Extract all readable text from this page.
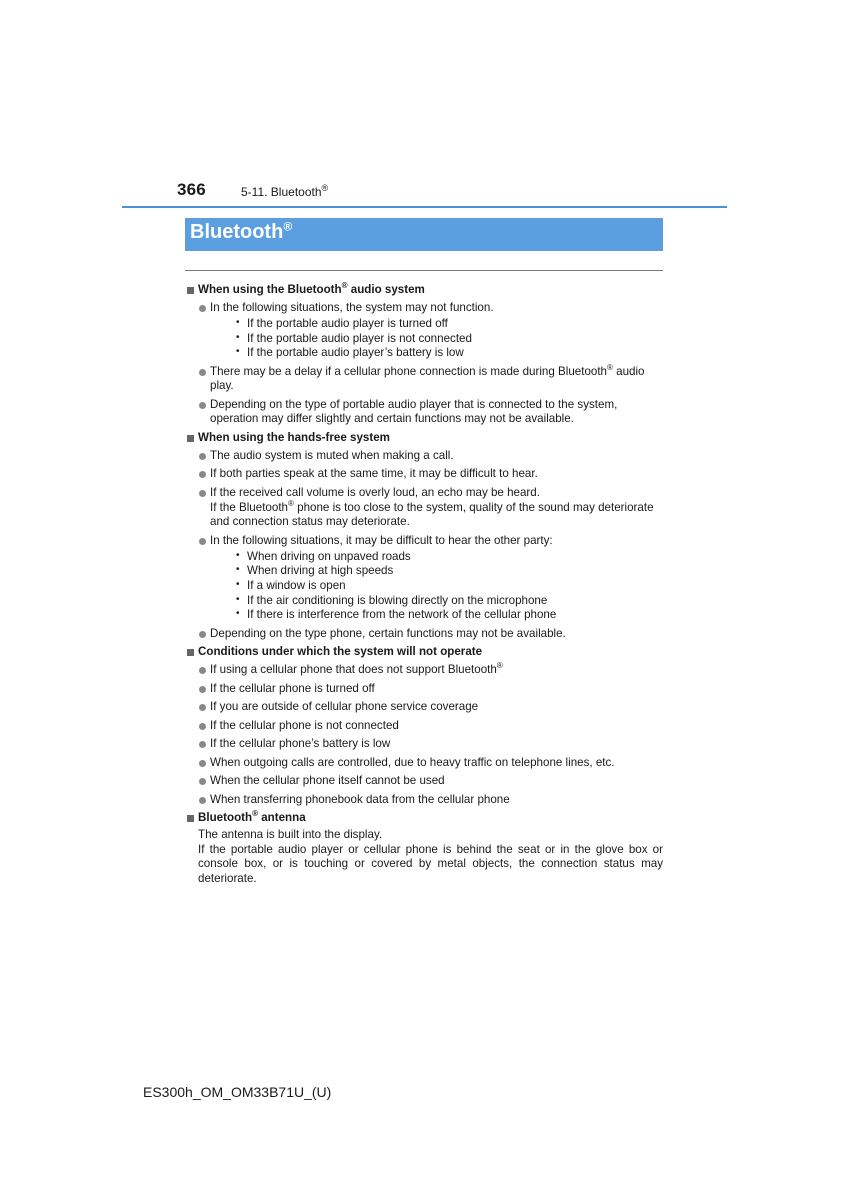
366	5-11. Bluetooth®
Bluetooth®
When using the Bluetooth® audio system
In the following situations, the system may not function.
• If the portable audio player is turned off
• If the portable audio player is not connected
• If the portable audio player’s battery is low
There may be a delay if a cellular phone connection is made during Bluetooth® audio play.
Depending on the type of portable audio player that is connected to the system, operation may differ slightly and certain functions may not be available.
When using the hands-free system
The audio system is muted when making a call.
If both parties speak at the same time, it may be difficult to hear.
If the received call volume is overly loud, an echo may be heard.
If the Bluetooth® phone is too close to the system, quality of the sound may deteriorate and connection status may deteriorate.
In the following situations, it may be difficult to hear the other party:
• When driving on unpaved roads
• When driving at high speeds
• If a window is open
• If the air conditioning is blowing directly on the microphone
• If there is interference from the network of the cellular phone
Depending on the type phone, certain functions may not be available.
Conditions under which the system will not operate
If using a cellular phone that does not support Bluetooth®
If the cellular phone is turned off
If you are outside of cellular phone service coverage
If the cellular phone is not connected
If the cellular phone’s battery is low
When outgoing calls are controlled, due to heavy traffic on telephone lines, etc.
When the cellular phone itself cannot be used
When transferring phonebook data from the cellular phone
Bluetooth® antenna
The antenna is built into the display.
If the portable audio player or cellular phone is behind the seat or in the glove box or console box, or is touching or covered by metal objects, the connection status may deteriorate.
ES300h_OM_OM33B71U_(U)
